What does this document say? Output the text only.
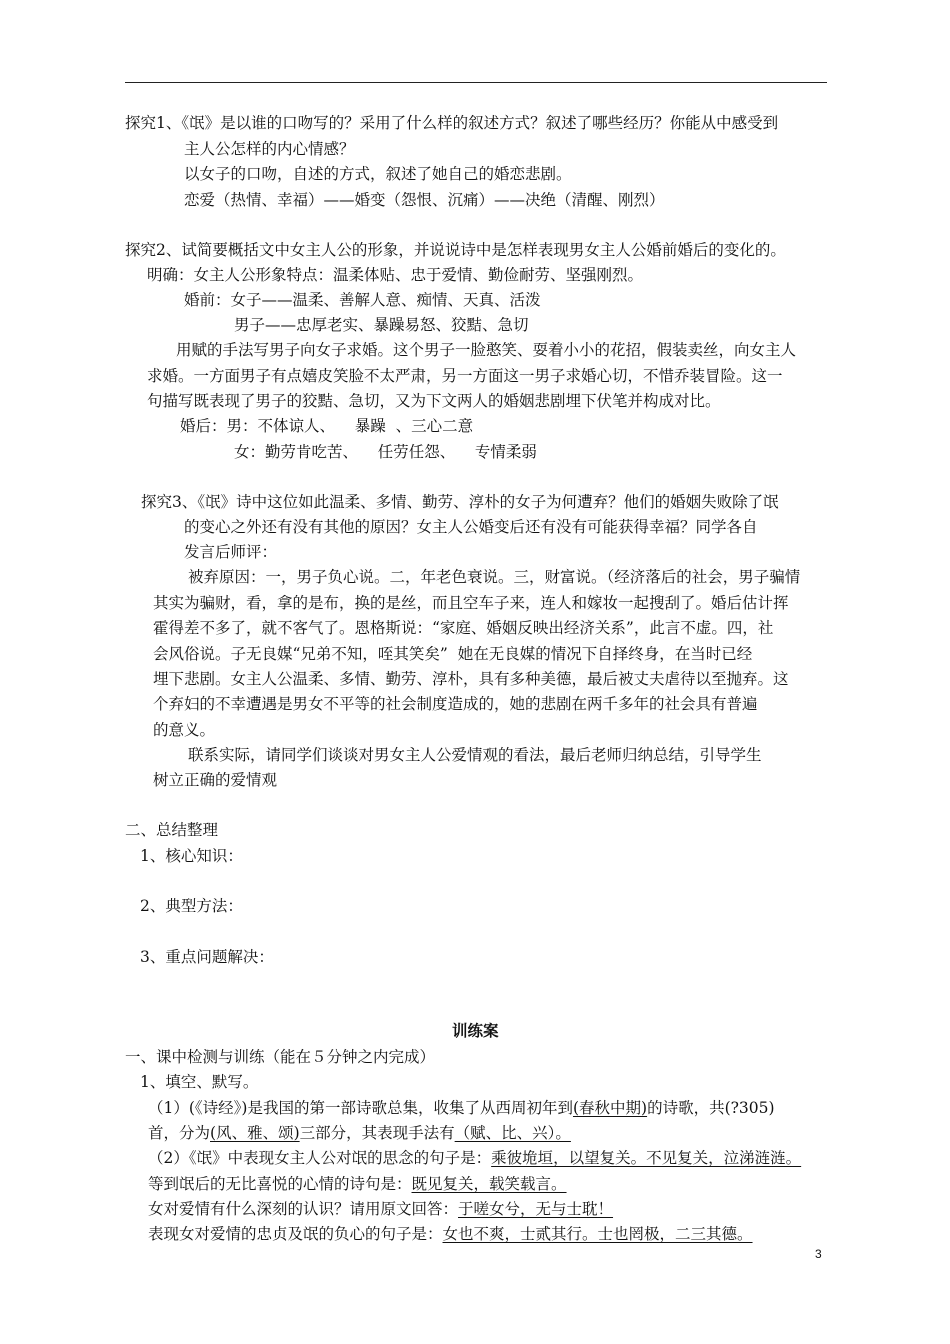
探究1、《氓》是以谁的口吻写的？采用了什么样的叙述方式？叙述了哪些经历？你能从中感受到
主人公怎样的内心情感？
以女子的口吻，自述的方式，叙述了她自己的婚恋悲剧。
恋爱（热情、幸福）——婚变（怨恨、沉痛）——决绝（清醒、刚烈）
探究2、试简要概括文中女主人公的形象，并说说诗中是怎样表现男女主人公婚前婚后的变化的。
明确：女主人公形象特点：温柔体贴、忠于爱情、勤俭耐劳、坚强刚烈。
婚前：女子——温柔、善解人意、痴情、天真、活泼
男子——忠厚老实、暴躁易怒、狡黠、急切
用赋的手法写男子向女子求婚。这个男子一脸憨笑、耍着小小的花招，假装卖丝，向女主人
求婚。一方面男子有点嬉皮笑脸不太严肃，另一方面这一男子求婚心切，不惜乔装冒险。这一
句描写既表现了男子的狡黠、急切，又为下文两人的婚姻悲剧埋下伏笔并构成对比。
婚后：男：不体谅人、    暴躁  、三心二意
女：勤劳肯吃苦、    任劳任怨、    专情柔弱
探究3、《氓》诗中这位如此温柔、多情、勤劳、淳朴的女子为何遭弃？他们的婚姻失败除了氓
的变心之外还有没有其他的原因？女主人公婚变后还有没有可能获得幸福？同学各自
发言后师评：
被弃原因：一，男子负心说。二，年老色衰说。三，财富说。（经济落后的社会，男子骗情
其实为骗财，看，拿的是布，换的是丝，而且空车子来，连人和嫁妆一起搜刮了。婚后估计挥
霍得差不多了，就不客气了。恩格斯说：“家庭、婚姻反映出经济关系”，此言不虚。四，社
会风俗说。子无良媒“兄弟不知，咥其笑矣”  她在无良媒的情况下自择终身，在当时已经
埋下悲剧。女主人公温柔、多情、勤劳、淳朴，具有多种美德，最后被丈夫虐待以至抛弃。这
个弃妇的不幸遭遇是男女不平等的社会制度造成的，她的悲剧在两千多年的社会具有普遍
的意义。
联系实际，请同学们谈谈对男女主人公爱情观的看法，最后老师归纳总结，引导学生
树立正确的爱情观
二、总结整理
1、核心知识：
2、典型方法：
3、重点问题解决：
训练案
一、课中检测与训练（能在５分钟之内完成）
1、填空、默写。
（1）(《诗经》)是我国的第一部诗歌总集，收集了从西周初年到(春秋中期)的诗歌，共(?305)
首，分为(风、雅、颂)三部分，其表现手法有（赋、比、兴）。
（2）《氓》中表现女主人公对氓的思念的句子是：乘彼垝垣，以望复关。不见复关，泣涕涟涟。
等到氓后的无比喜悦的心情的诗句是：既见复关，载笑载言。
女对爱情有什么深刻的认识？请用原文回答：于嗟女兮，无与士耽！
表现女对爱情的忠贞及氓的负心的句子是：女也不爽，士贰其行。士也罔极，二三其德。
3
